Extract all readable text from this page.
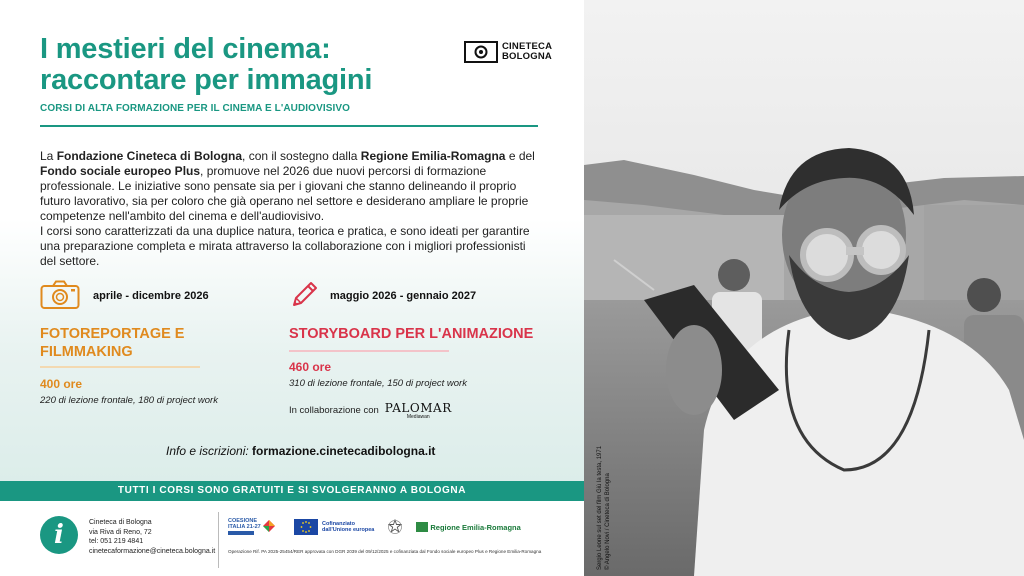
I mestieri del cinema:
raccontare per immagini
CORSI DI ALTA FORMAZIONE PER IL CINEMA E L'AUDIOVISIVO
CINETECA
BOLOGNA
La Fondazione Cineteca di Bologna, con il sostegno dalla Regione Emilia-Romagna e del Fondo sociale europeo Plus, promuove nel 2026 due nuovi percorsi di formazione professionale. Le iniziative sono pensate sia per i giovani che stanno delineando il proprio futuro lavorativo, sia per coloro che già operano nel settore e desiderano ampliare le proprie competenze nell'ambito del cinema e dell'audiovisivo.
I corsi sono caratterizzati da una duplice natura, teorica e pratica, e sono ideati per garantire una preparazione completa e mirata attraverso la collaborazione con i migliori professionisti del settore.
aprile - dicembre 2026
FOTOREPORTAGE E
FILMMAKING
400 ore
220 di lezione frontale, 180 di project work
maggio 2026 - gennaio 2027
STORYBOARD PER L'ANIMAZIONE
460 ore
310 di lezione frontale, 150 di project work
In collaborazione con PALOMAR
Mediawan
Info e iscrizioni: formazione.cinetecadibologna.it
TUTTI I CORSI SONO GRATUITI E SI SVOLGERANNO A BOLOGNA
i	Cineteca di Bologna
via Riva di Reno, 72
tel: 051 219 4841
cinetecaformazione@cineteca.bologna.it
COESIONE
ITALIA 21-27
Cofinanziato
dall'Unione europea	Regione Emilia-Romagna
Operazione Rif. PA 2025-25454/RER approvata con DGR 2039 del 09/12/2025 e cofinanziata dal Fondo sociale europeo Plus e Regione Emilia-Romagna	Sergio Leone sul set del film Giù la testa, 1971 © Angelo Novi / Cineteca di Bologna
